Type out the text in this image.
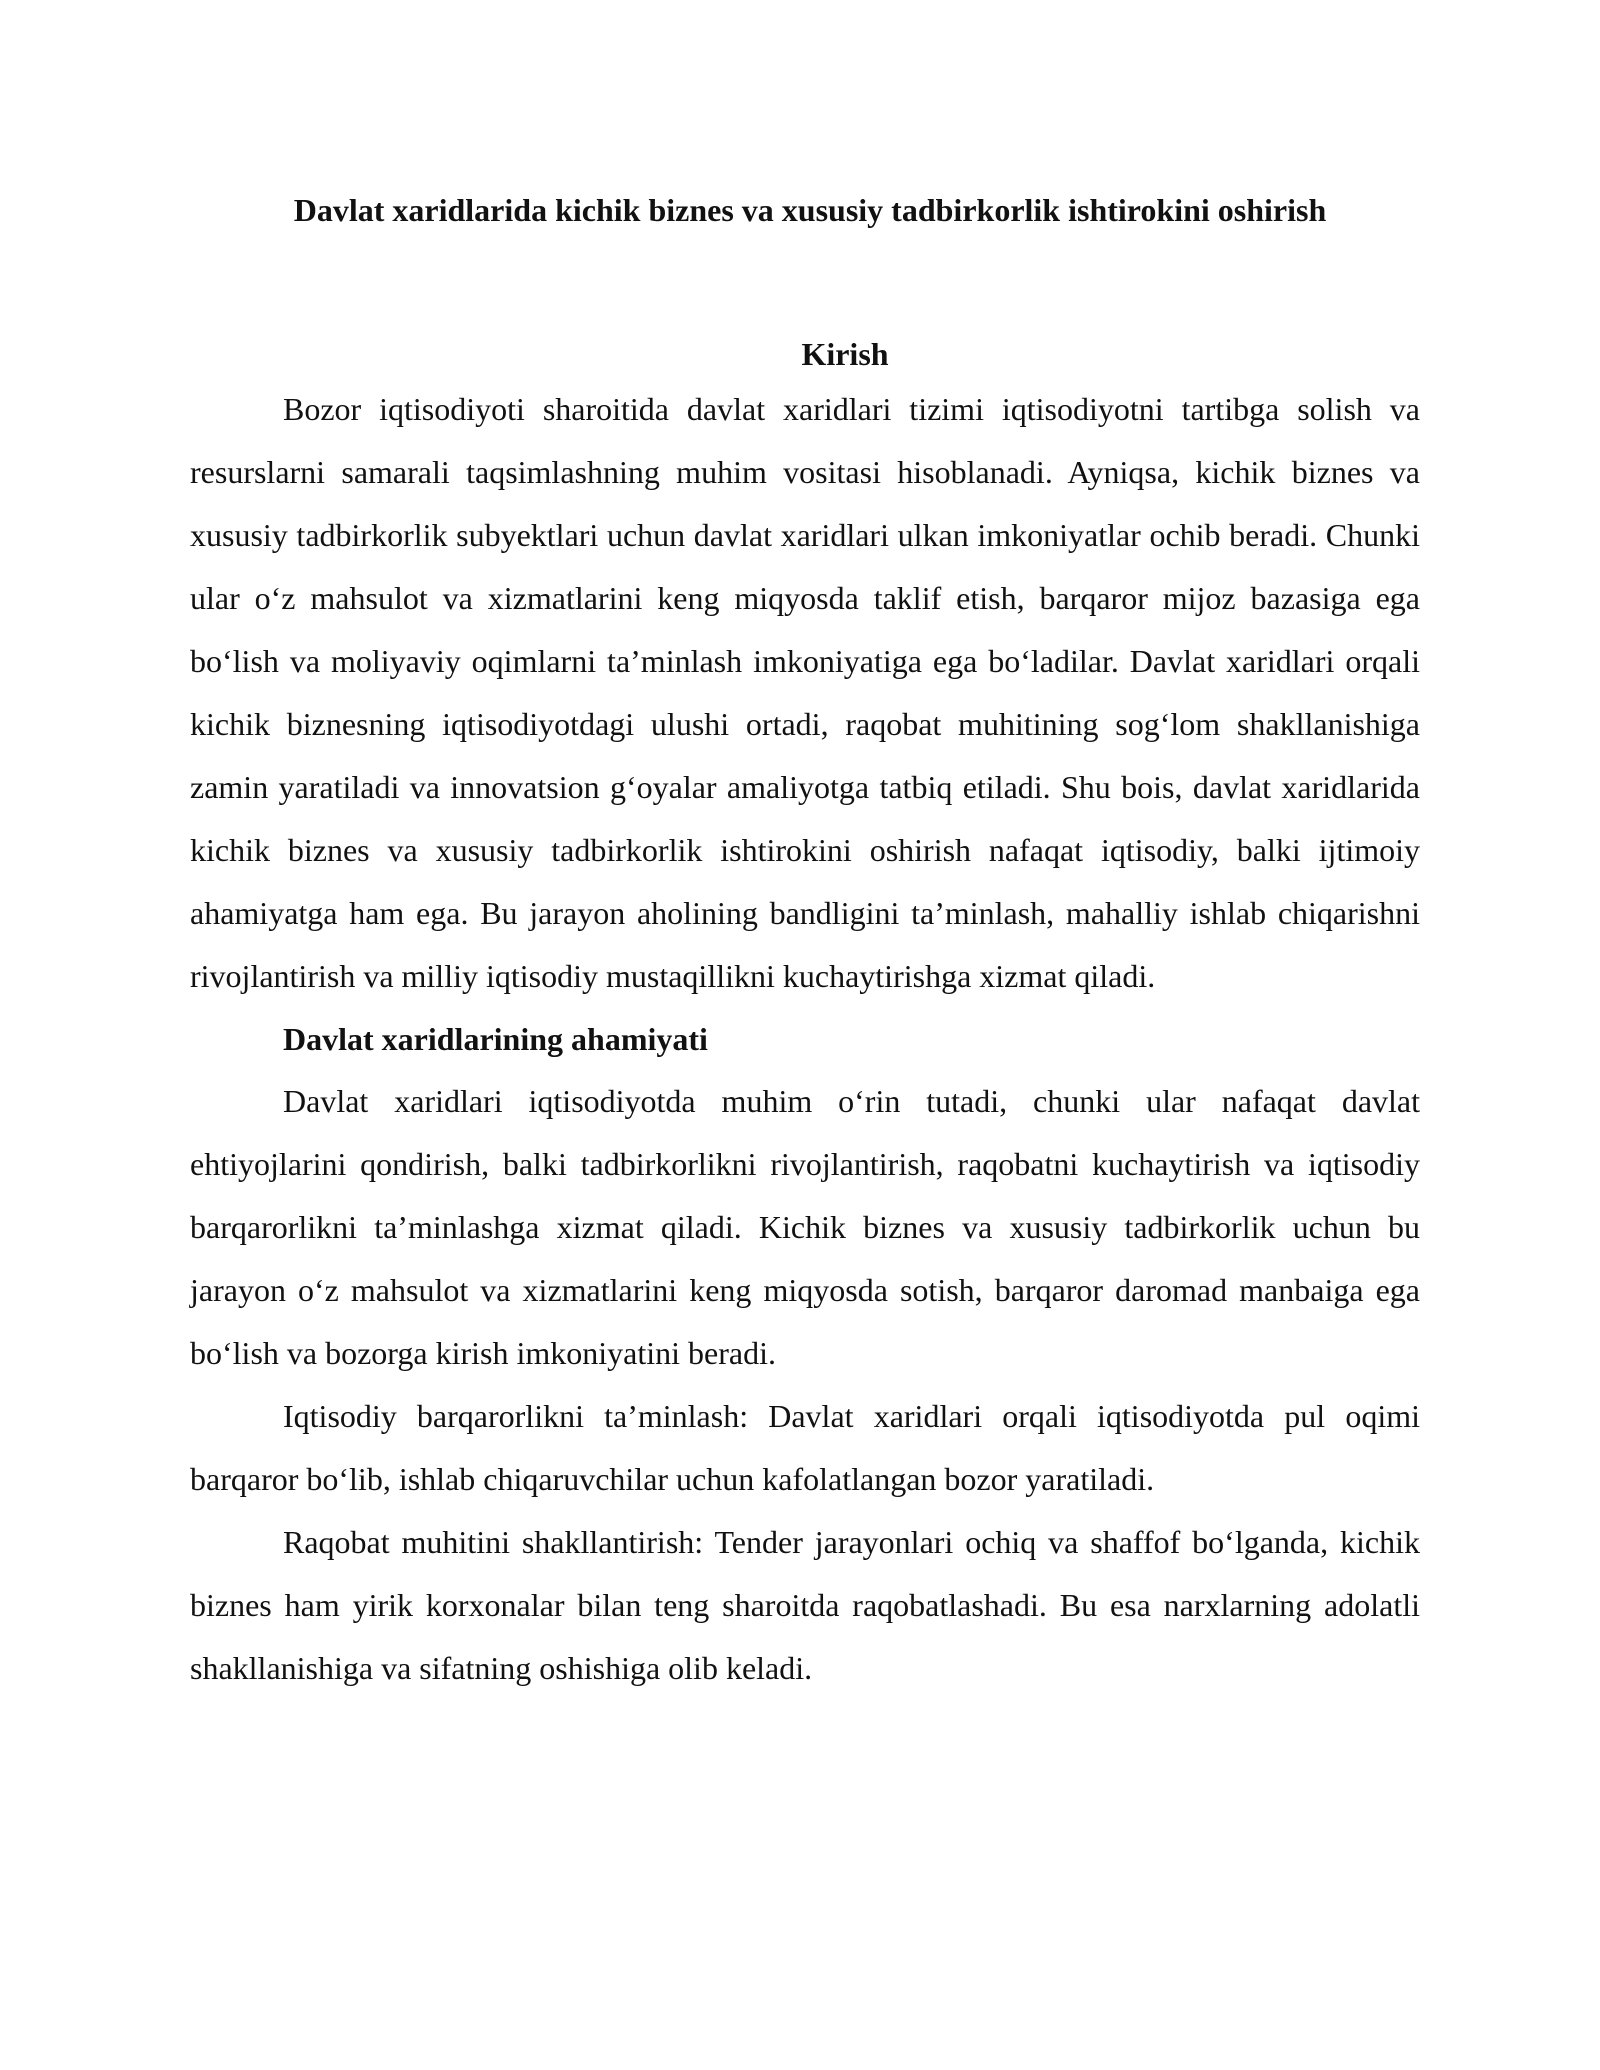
Davlat xaridlarida kichik biznes va xususiy tadbirkorlik ishtirokini oshirish
Kirish

Bozor iqtisodiyoti sharoitida davlat xaridlari tizimi iqtisodiyotni tartibga solish va resurslarni samarali taqsimlashning muhim vositasi hisoblanadi. Ayniqsa, kichik biznes va xususiy tadbirkorlik subyektlari uchun davlat xaridlari ulkan imkoniyatlar ochib beradi. Chunki ular o‘z mahsulot va xizmatlarini keng miqyosda taklif etish, barqaror mijoz bazasiga ega bo‘lish va moliyaviy oqimlarni ta’minlash imkoniyatiga ega bo‘ladilar. Davlat xaridlari orqali kichik biznesning iqtisodiyotdagi ulushi ortadi, raqobat muhitining sog‘lom shakllanishiga zamin yaratiladi va innovatsion g‘oyalar amaliyotga tatbiq etiladi. Shu bois, davlat xaridlarida kichik biznes va xususiy tadbirkorlik ishtirokini oshirish nafaqat iqtisodiy, balki ijtimoiy ahamiyatga ham ega. Bu jarayon aholining bandligini ta’minlash, mahalliy ishlab chiqarishni rivojlantirish va milliy iqtisodiy mustaqillikni kuchaytirishga xizmat qiladi.

Davlat xaridlarining ahamiyati

Davlat xaridlari iqtisodiyotda muhim o‘rin tutadi, chunki ular nafaqat davlat ehtiyojlarini qondirish, balki tadbirkorlikni rivojlantirish, raqobatni kuchaytirish va iqtisodiy barqarorlikni ta’minlashga xizmat qiladi. Kichik biznes va xususiy tadbirkorlik uchun bu jarayon o‘z mahsulot va xizmatlarini keng miqyosda sotish, barqaror daromad manbaiga ega bo‘lish va bozorga kirish imkoniyatini beradi.

Iqtisodiy barqarorlikni ta’minlash: Davlat xaridlari orqali iqtisodiyotda pul oqimi barqaror bo‘lib, ishlab chiqaruvchilar uchun kafolatlangan bozor yaratiladi.

Raqobat muhitini shakllantirish: Tender jarayonlari ochiq va shaffof bo‘lganda, kichik biznes ham yirik korxonalar bilan teng sharoitda raqobatlashadi. Bu esa narxlarning adolatli shakllanishiga va sifatning oshishiga olib keladi.
